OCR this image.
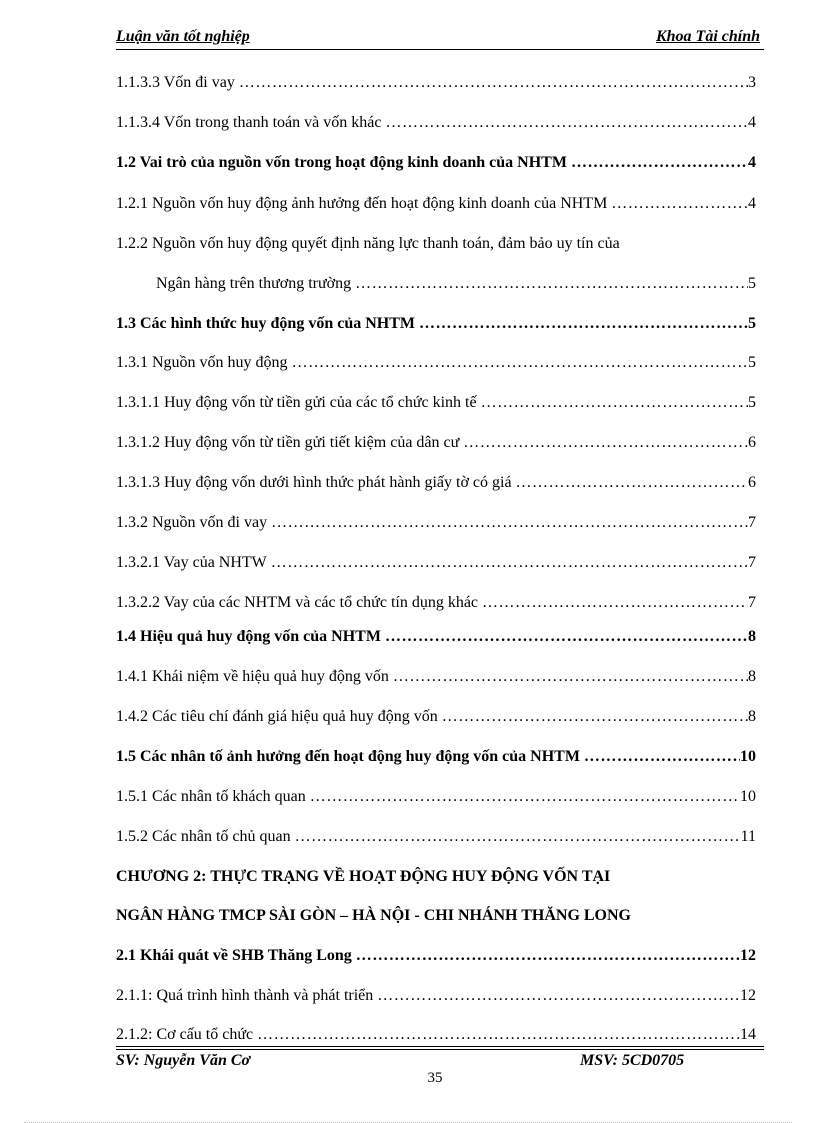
Luận văn tốt nghiệp	Khoa Tài chính
1.1.3.3 Vốn đi vay ……………………………………………………………………………………………………………………………………………	3
1.1.3.4 Vốn trong thanh toán và vốn khác ……………………………………………………………………………………………………………………………………………	4
1.2 Vai trò của nguồn vốn trong hoạt động kinh doanh của NHTM ……………………………………………………………………………………………………………………………………………	4
1.2.1 Nguồn vốn huy động ảnh hưởng đến hoạt động kinh doanh của NHTM ……………………………………………………………………………………………………………………………………………	4
1.2.2 Nguồn vốn huy động quyết định năng lực thanh toán, đảm bảo uy tín của
Ngân hàng trên thương trường ……………………………………………………………………………………………………………………………………………	5
1.3 Các hình thức huy động vốn của NHTM ……………………………………………………………………………………………………………………………………………	5
1.3.1 Nguồn vốn huy động ……………………………………………………………………………………………………………………………………………	5
1.3.1.1 Huy động vốn từ tiền gửi của các tổ chức kinh tế ……………………………………………………………………………………………………………………………………………	5
1.3.1.2 Huy động vốn từ tiền gửi tiết kiệm của dân cư ……………………………………………………………………………………………………………………………………………	6
1.3.1.3 Huy động vốn dưới hình thức phát hành giấy tờ có giá ……………………………………………………………………………………………………………………………………………	6
1.3.2 Nguồn vốn đi vay ……………………………………………………………………………………………………………………………………………	7
1.3.2.1 Vay của NHTW ……………………………………………………………………………………………………………………………………………	7
1.3.2.2 Vay của các NHTM và các tổ chức tín dụng khác ……………………………………………………………………………………………………………………………………………	7
1.4 Hiệu quả huy động vốn của NHTM ……………………………………………………………………………………………………………………………………………	8
1.4.1 Khái niệm về hiệu quả huy động vốn ……………………………………………………………………………………………………………………………………………	8
1.4.2 Các tiêu chí đánh giá hiệu quả huy động vốn ……………………………………………………………………………………………………………………………………………	8
1.5 Các nhân tố ảnh hưởng đến hoạt động huy động vốn của NHTM ……………………………………………………………………………………………………………………………………………	10
1.5.1 Các nhân tố khách quan ……………………………………………………………………………………………………………………………………………	10
1.5.2 Các nhân tố chủ quan ……………………………………………………………………………………………………………………………………………	11
CHƯƠNG 2: THỰC TRẠNG VỀ HOẠT ĐỘNG HUY ĐỘNG VỐN TẠI
NGÂN HÀNG TMCP SÀI GÒN – HÀ NỘI - CHI NHÁNH THĂNG LONG
2.1 Khái quát về SHB Thăng Long ……………………………………………………………………………………………………………………………………………	12
2.1.1: Quá trình hình thành và phát triển ……………………………………………………………………………………………………………………………………………	12
2.1.2: Cơ cấu tổ chức ……………………………………………………………………………………………………………………………………………	14
SV: Nguyễn Văn Cơ	MSV: 5CD0705
35
